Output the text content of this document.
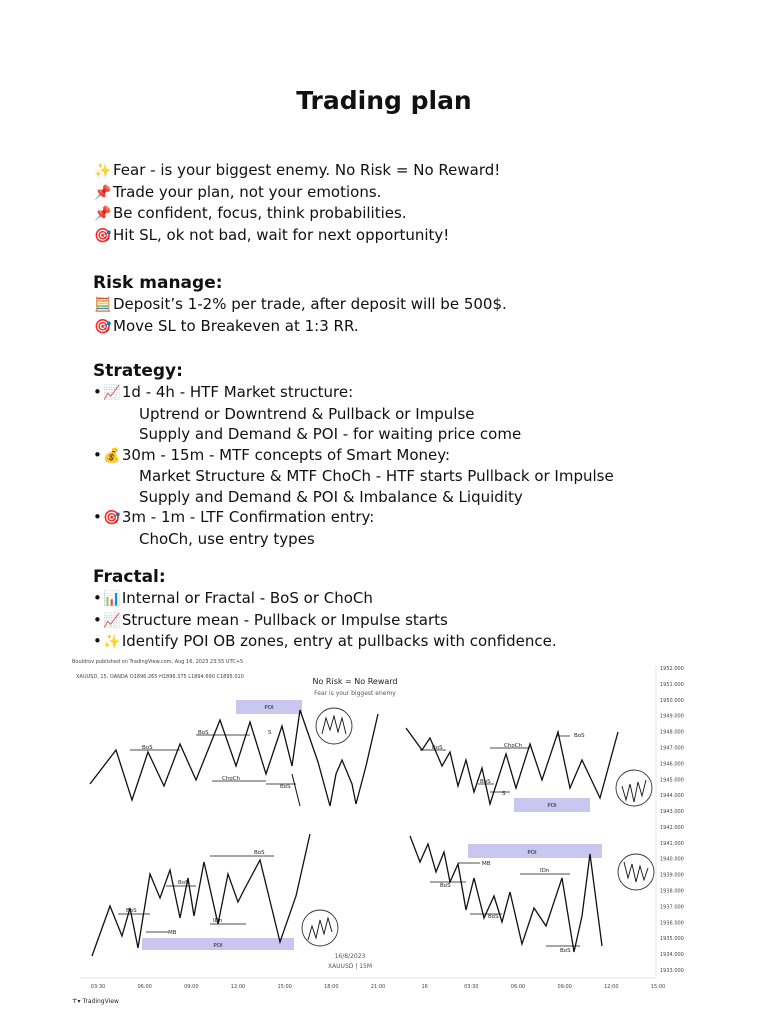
Trading plan
✨Fear - is your biggest enemy. No Risk = No Reward!
📌Trade your plan, not your emotions.
📌Be confident, focus, think probabilities.
🎯Hit SL, ok not bad, wait for next opportunity!
Risk manage:
🧮Deposit’s 1-2% per trade, after deposit will be 500$.
🎯Move SL to Breakeven at 1:3 RR.
Strategy:
•📈1d - 4h - HTF Market structure:
Uptrend or Downtrend & Pullback or Impulse
Supply and Demand & POI - for waiting price come
•💰30m - 15m - MTF concepts of Smart Money:
Market Structure & MTF ChoCh - HTF starts Pullback or Impulse
Supply and Demand & POI & Imbalance & Liquidity
•🎯3m - 1m - LTF Confirmation entry:
ChoCh, use entry types
Fractal:
•📊Internal or Fractal - BoS or ChoCh
•📈Structure mean - Pullback or Impulse starts
•✨Identify POI OB zones, entry at pullbacks with confidence.
Bouldrov published on TradingView.com, Aug 16, 2023 23:55 UTC+5
XAUUSD, 15, OANDA O1896.265 H1896.375 L1894.690 C1895.010	No Risk = No Reward
Fear is your biggest enemy
1952.000
1951.000
1950.000
1949.000
1948.000
1947.000
1946.000
1945.000
1944.000
1943.000
1942.000
1941.000
1940.000
1939.000
1938.000
1937.000
1936.000
1935.000
1934.000
1933.000
03:30	06:00	09:00	12:00	15:00	18:00	21:00	16	03:30	06:00	09:00	12:00	15:00
POI
POI
POI
POI
BoS
BoS
ChoCh
S
BoS
BoS	ChoCh
BoS
BoS
S
BoS
BoS
BoS
MB
IDn
MB
BoS
IDn
BoS
BoS
16/8/2023
XAUUSD | 15M
⊤▾ TradingView
